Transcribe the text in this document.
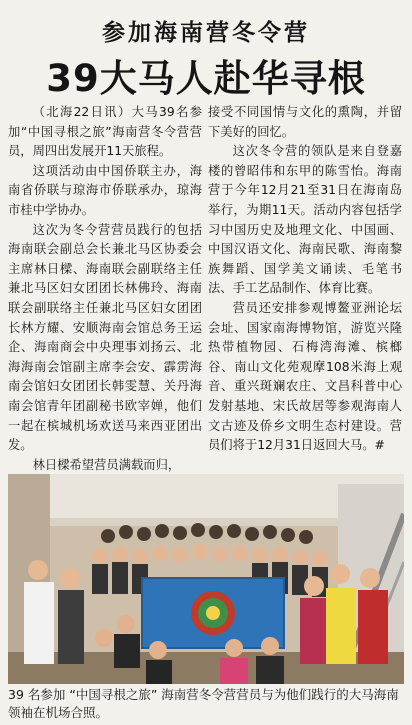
参加海南营冬令营
39大马人赴华寻根

（北海22日讯）大马39名参加“中国寻根之旅”海南营冬令营营员，周四出发展开11天旅程。

这项活动由中国侨联主办，海南省侨联与琼海市侨联承办，琼海市桂中学协办。

这次为冬令营营员践行的包括海南联会副总会长兼北马区协委会主席林日樑、海南联会副联络主任兼北马区妇女团团长林佛玲、海南联会副联络主任兼北马区妇女团团长林方耀、安顺海南会馆总务王运企、海南商会中央理事刘扬云、北海海南会馆副主席李会安、霹雳海南会馆妇女团团长韩雯慧、关丹海南会馆青年团副秘书欧宰婵，他们一起在槟城机场欢送马来西亚团出发。

林日樑希望营员满载而归，

接受不同国情与文化的熏陶，并留下美好的回忆。

这次冬令营的领队是来自登嘉楼的曾昭伟和东甲的陈雪怡。海南营于今年12月21至31日在海南岛举行，为期11天。活动内容包括学习中国历史及地理文化、中国画、中国汉语文化、海南民歌、海南黎族舞蹈、国学美文诵读、毛笔书法、手工艺品制作、体育比赛。

营员还安排参观博鳌亚洲论坛会址、国家南海博物馆，游览兴隆热带植物园、石梅湾海滩、槟榔谷、南山文化苑观摩108米海上观音、重兴斑斓农庄、文昌科普中心发射基地、宋氏故居等参观海南人文古迹及侨乡文明生态村建设。营员们将于12月31日返回大马。#

39 名参加 “中国寻根之旅” 海南营冬令营营员与为他们践行的大马海南领袖在机场合照。
